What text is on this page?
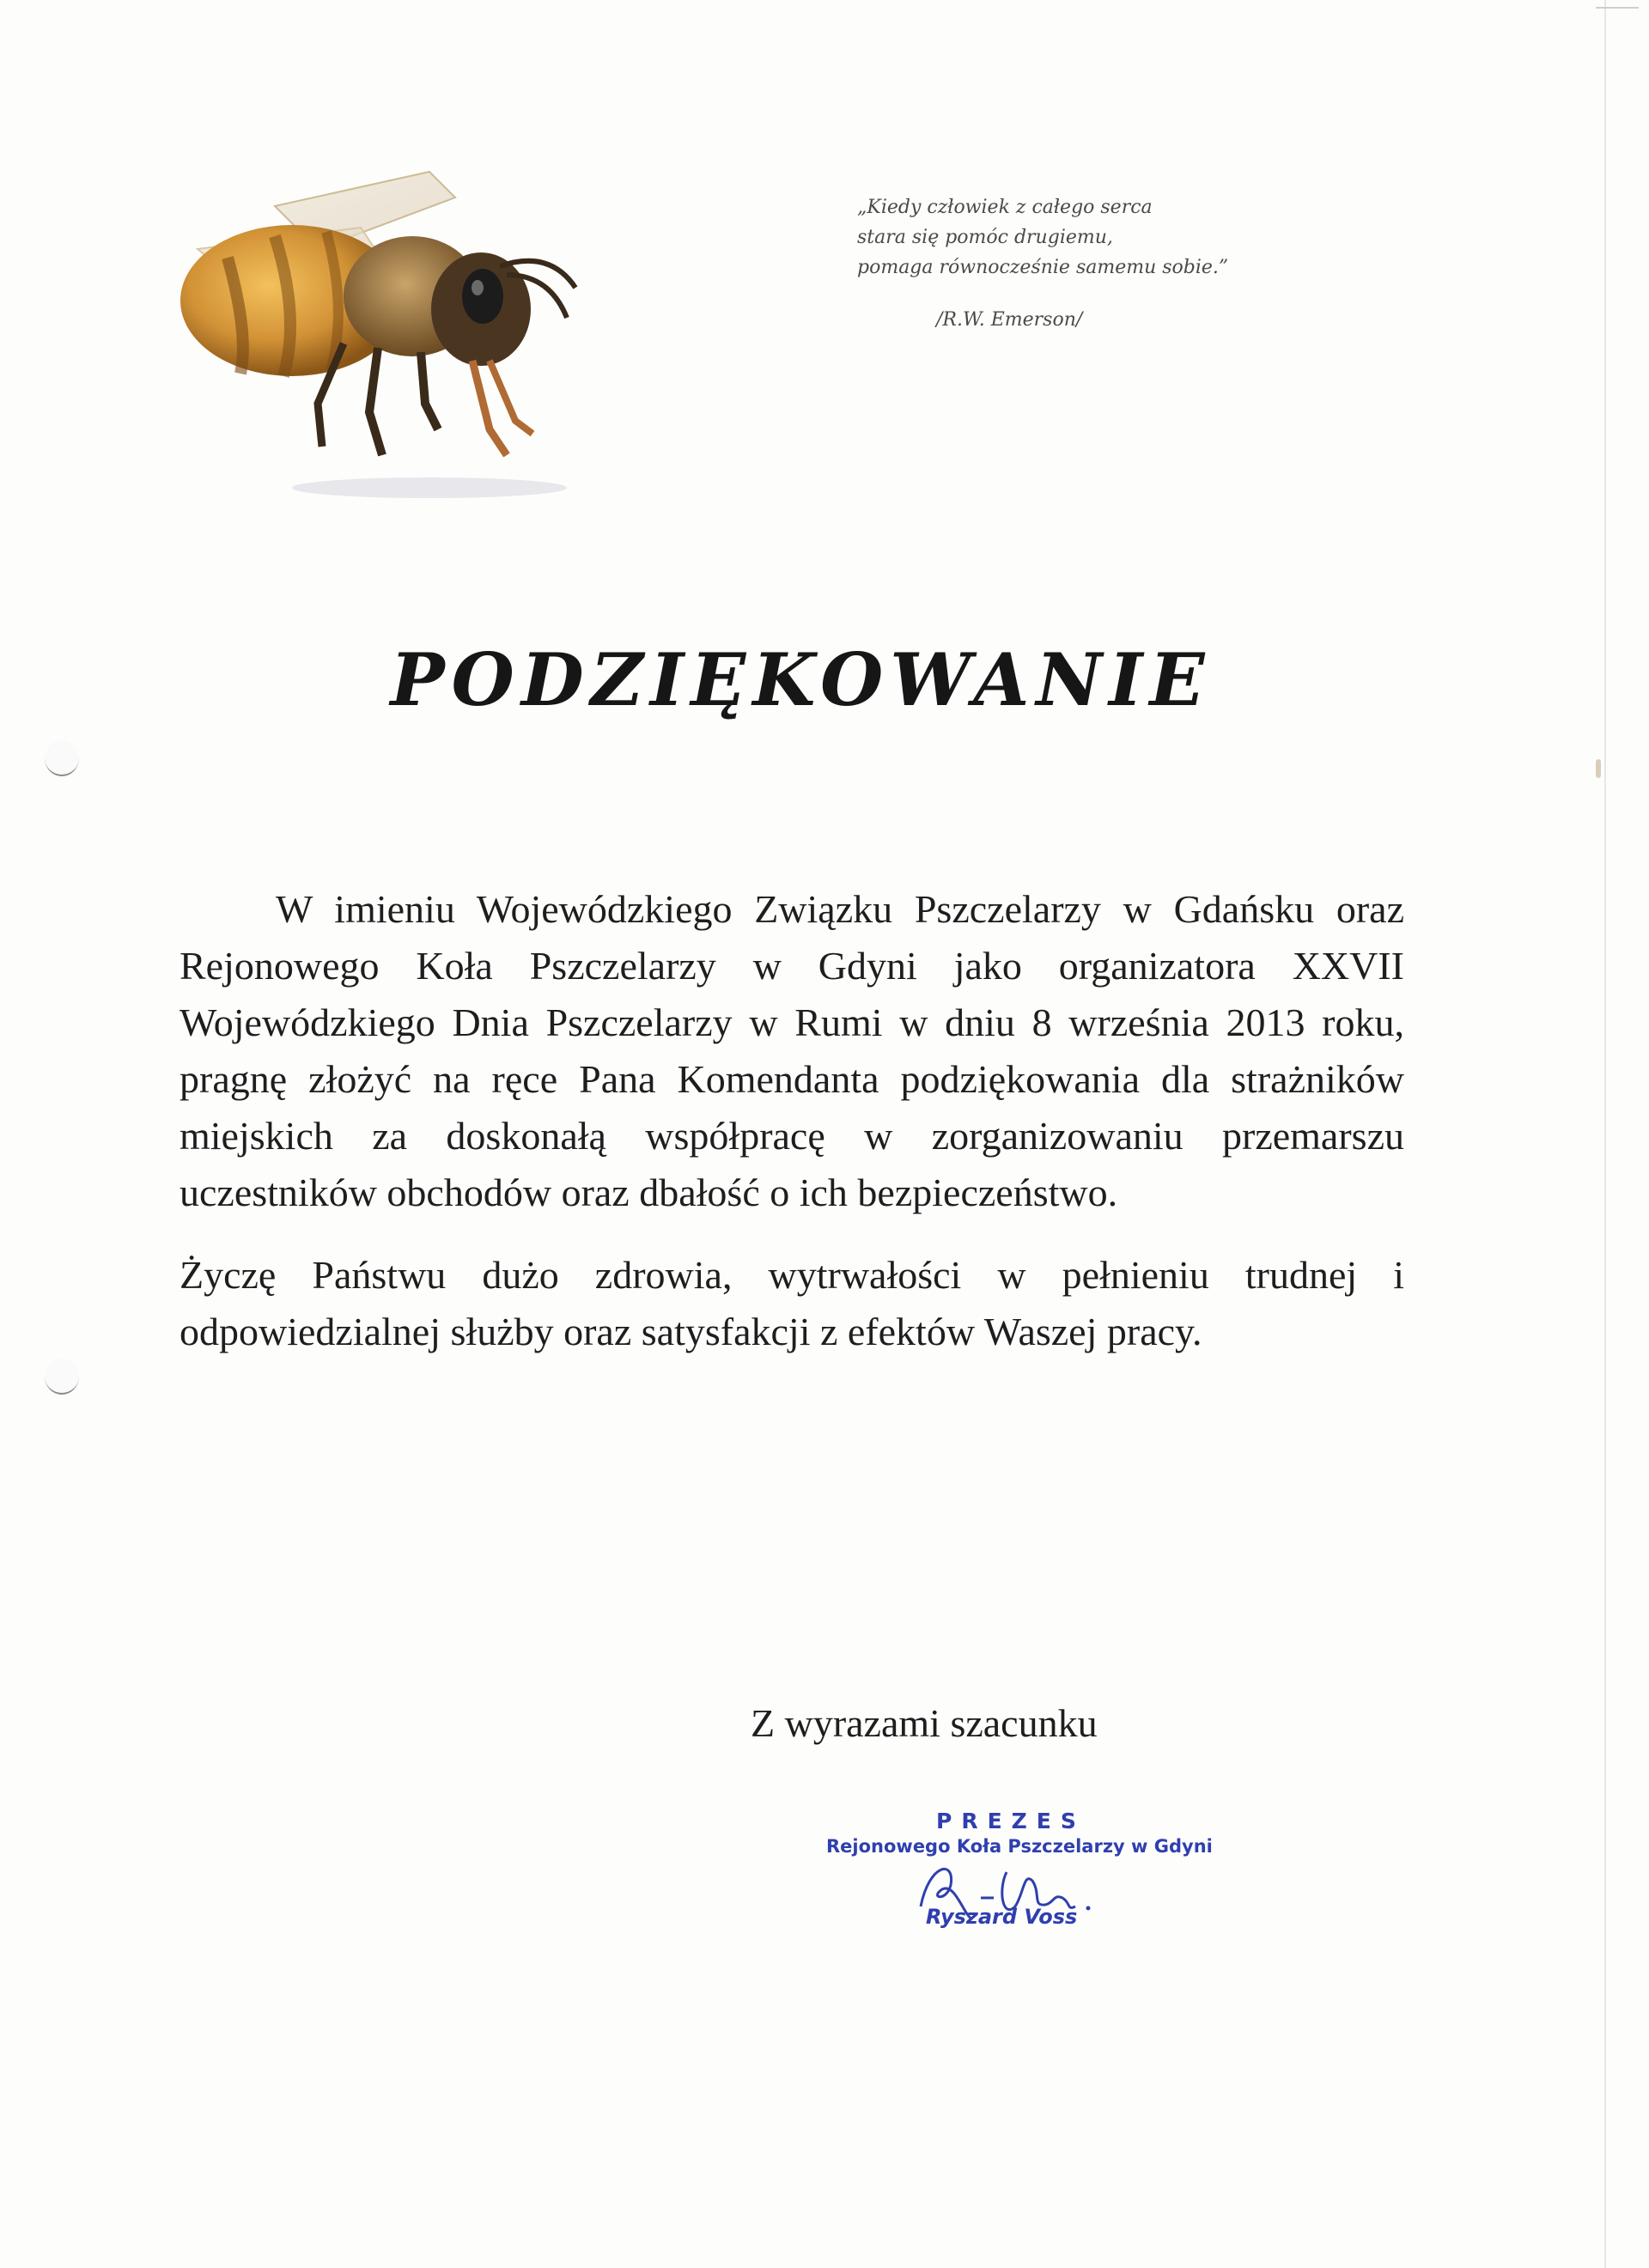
„Kiedy człowiek z całego serca
stara się pomóc drugiemu,
pomaga równocześnie samemu sobie.”
/R.W. Emerson/
PODZIĘKOWANIE

W imieniu Wojewódzkiego Związku Pszczelarzy w Gdańsku oraz Rejonowego Koła Pszczelarzy w Gdyni jako organizatora XXVII Wojewódzkiego Dnia Pszczelarzy w Rumi w dniu 8 września 2013 roku, pragnę złożyć na ręce Pana Komendanta podziękowania dla strażników miejskich za doskonałą współpracę w zorganizowaniu przemarszu uczestników obchodów oraz dbałość o ich bezpieczeństwo.

Życzę Państwu dużo zdrowia, wytrwałości w pełnieniu trudnej i odpowiedzialnej służby oraz satysfakcji z efektów Waszej pracy.

Z wyrazami szacunku
PREZES
Rejonowego Koła Pszczelarzy w Gdyni
Ryszard Voss
